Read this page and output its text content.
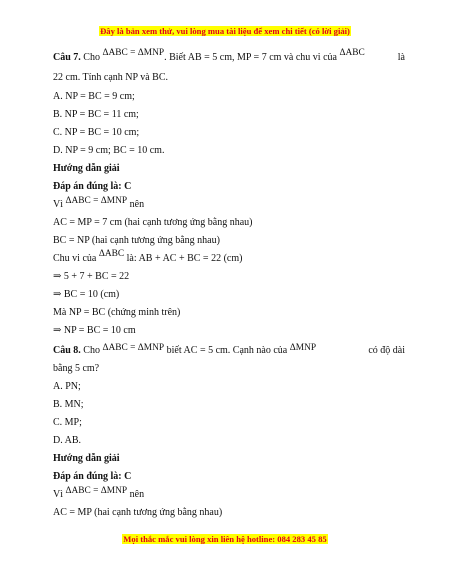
Đây là bản xem thử, vui lòng mua tài liệu để xem chi tiết (có lời giải)
Câu 7. Cho ΔABC = ΔMNP. Biết AB = 5 cm, MP = 7 cm và chu vi của ΔABC	là
22 cm. Tính cạnh NP và BC.
A. NP = BC = 9 cm;
B. NP = BC = 11 cm;
C. NP = BC = 10 cm;
D. NP = 9 cm; BC = 10 cm.
Hướng dẫn giải
Đáp án đúng là: C
Vì ΔABC = ΔMNP nên
AC = MP = 7 cm (hai cạnh tương ứng bằng nhau)
BC = NP (hai cạnh tương ứng bằng nhau)
Chu vi của ΔABC là: AB + AC + BC = 22 (cm)
⇒ 5 + 7 + BC = 22
⇒ BC = 10 (cm)
Mà NP = BC (chứng minh trên)
⇒ NP = BC = 10 cm
Câu 8. Cho ΔABC = ΔMNP biết AC = 5 cm. Cạnh nào của ΔMNP	có độ dài
bằng 5 cm?
A. PN;
B. MN;
C. MP;
D. AB.
Hướng dẫn giải
Đáp án đúng là: C
Vì ΔABC = ΔMNP nên
AC = MP (hai cạnh tương ứng bằng nhau)
Mọi thắc mắc vui lòng xin liên hệ hotline: 084 283 45 85
